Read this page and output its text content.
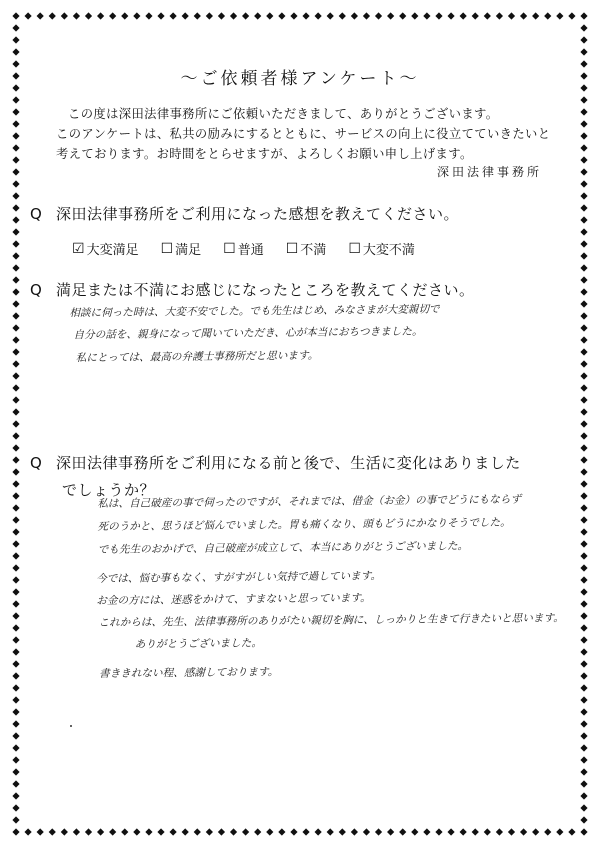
～ご依頼者様アンケート～
この度は深田法律事務所にご依頼いただきまして、ありがとうございます。
このアンケートは、私共の励みにするとともに、サービスの向上に役立てていきたいと考えております。お時間をとらせますが、よろしくお願い申し上げます。
深田法律事務所
Q 深田法律事務所をご利用になった感想を教えてください。
☑ 大変満足 ☐ 満足 ☐ 普通 ☐ 不満 ☐ 大変不満
Q 満足または不満にお感じになったところを教えてください。
相談に伺った時は、大変不安でした。でも先生はじめ、みなさまが大変親切で
自分の話を、親身になって聞いていただき、心が本当におちつきました。
私にとっては、最高の弁護士事務所だと思います。
Q 深田法律事務所をご利用になる前と後で、生活に変化はありました
でしょうか？
私は、自己破産の事で伺ったのですが、それまでは、借金（お金）の事でどうにもならず
死のうかと、思うほど悩んでいました。胃も痛くなり、頭もどうにかなりそうでした。
でも先生のおかげで、自己破産が成立して、本当にありがとうございました。
今では、悩む事もなく、すがすがしい気持で過しています。
お金の方には、迷惑をかけて、すまないと思っています。
これからは、先生、法律事務所のありがたい親切を胸に、しっかりと生きて行きたいと思います。
ありがとうございました。
書ききれない程、感謝しております。
